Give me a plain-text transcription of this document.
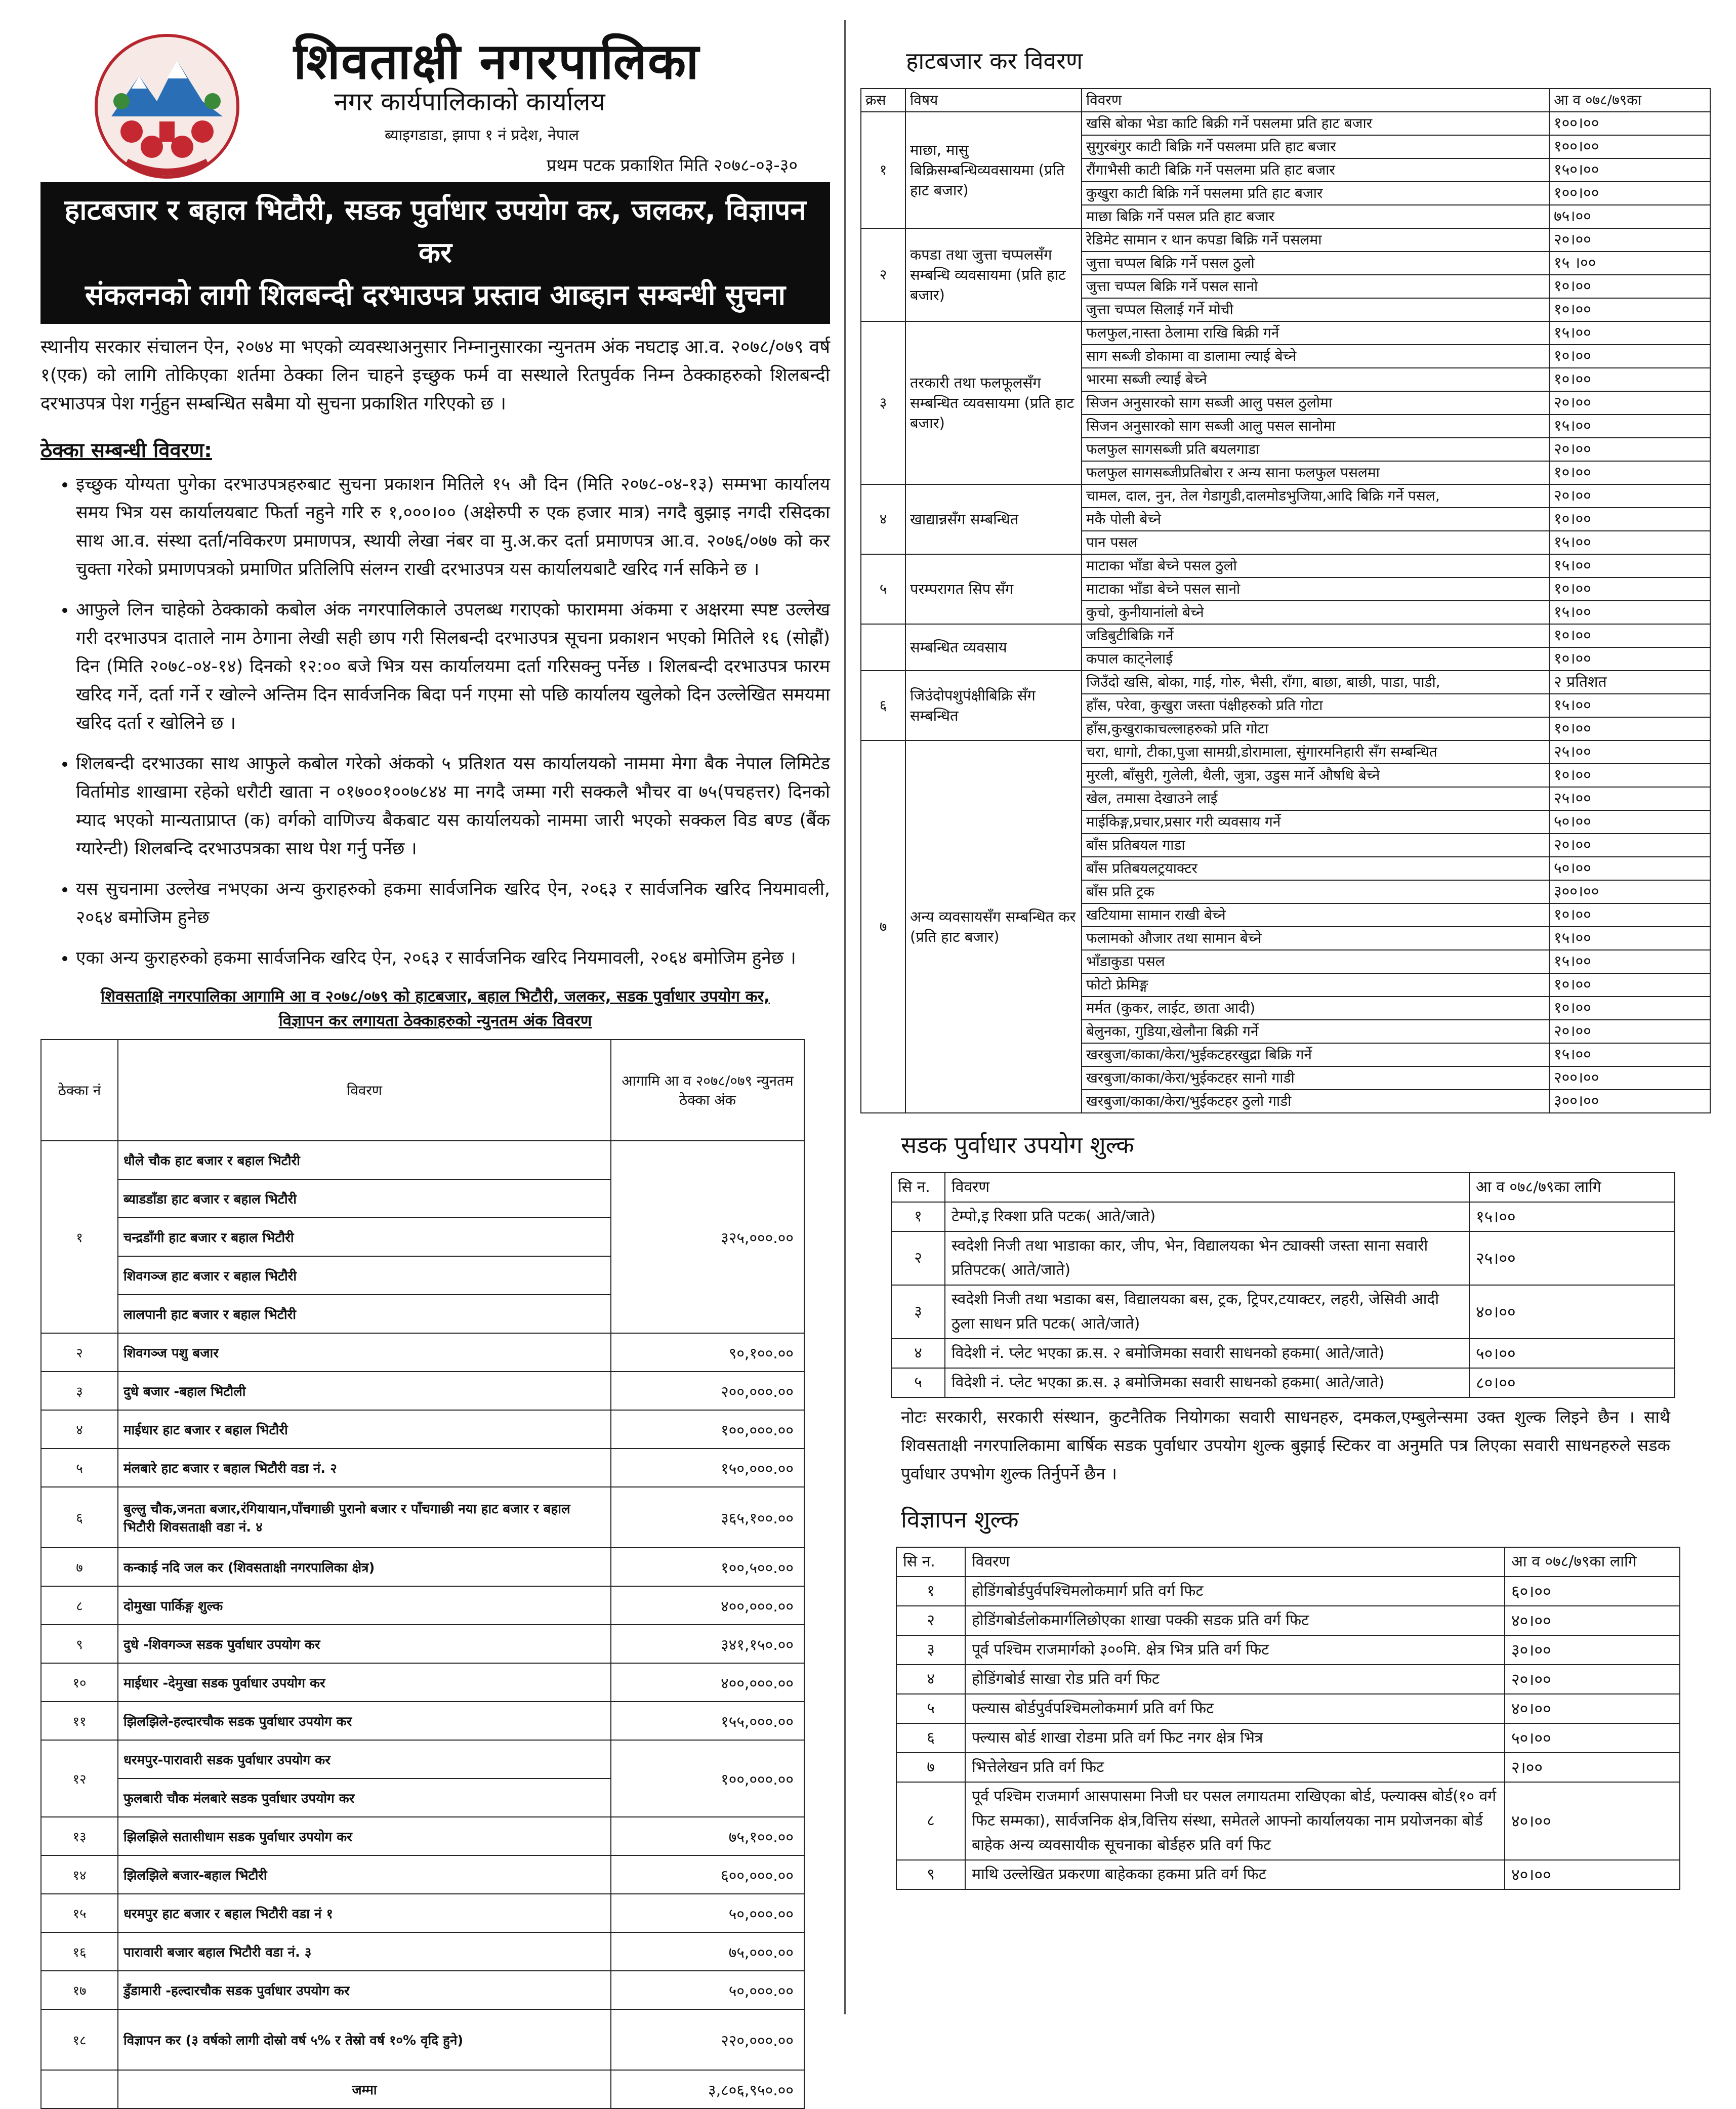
शिवताक्षी नगरपालिका
नगर कार्यपालिकाको कार्यालय
ब्याइगडाडा, झापा १ नं प्रदेश, नेपाल
प्रथम पटक प्रकाशित मिति २०७८-०३-३०
हाटबजार र बहाल भिटौरी, सडक पुर्वाधार उपयोग कर, जलकर, विज्ञापन कर
संकलनको लागी शिलबन्दी दरभाउपत्र प्रस्ताव आब्हान सम्बन्धी सुचना
स्थानीय सरकार संचालन ऐन, २०७४ मा भएको व्यवस्थाअनुसार निम्नानुसारका न्युनतम अंक नघटाइ आ.व. २०७८/०७९ वर्ष १(एक) को लागि तोकिएका शर्तमा ठेक्का लिन चाहने इच्छुक फर्म वा सस्थाले रितपुर्वक निम्न ठेक्काहरुको शिलबन्दी दरभाउपत्र पेश गर्नुहुन सम्बन्धित सबैमा यो सुचना प्रकाशित गरिएको छ ।
ठेक्का सम्बन्धी विवरण:
• इच्छुक योग्यता पुगेका दरभाउपत्रहरुबाट सुचना प्रकाशन मितिले १५ औ दिन (मिति २०७८-०४-१३) सम्मभा कार्यालय समय भित्र यस कार्यालयबाट फिर्ता नहुने गरि रु १,०००।०० (अक्षेरुपी रु एक हजार मात्र) नगदै बुझाइ नगदी रसिदका साथ आ.व. संस्था दर्ता/नविकरण प्रमाणपत्र, स्थायी लेखा नंबर वा मु.अ.कर दर्ता प्रमाणपत्र आ.व. २०७६/०७७ को कर चुक्ता गरेको प्रमाणपत्रको प्रमाणित प्रतिलिपि संलग्न राखी दरभाउपत्र यस कार्यालयबाटै खरिद गर्न सकिने छ ।
• आफुले लिन चाहेको ठेक्काको कबोल अंक नगरपालिकाले उपलब्ध गराएको फाराममा अंकमा र अक्षरमा स्पष्ट उल्लेख गरी दरभाउपत्र दाताले नाम ठेगाना लेखी सही छाप गरी सिलबन्दी दरभाउपत्र सूचना प्रकाशन भएको मितिले १६ (सोह्रौं) दिन (मिति २०७८-०४-१४) दिनको १२:०० बजे भित्र यस कार्यालयमा दर्ता गरिसक्नु पर्नेछ । शिलबन्दी दरभाउपत्र फारम खरिद गर्ने, दर्ता गर्ने र खोल्ने अन्तिम दिन सार्वजनिक बिदा पर्न गएमा सो पछि कार्यालय खुलेको दिन उल्लेखित समयमा खरिद दर्ता र खोलिने छ ।
• शिलबन्दी दरभाउका साथ आफुले कबोल गरेको अंकको ५ प्रतिशत यस कार्यालयको नाममा मेगा बैक नेपाल लिमिटेड विर्तामोड शाखामा रहेको धरौटी खाता न ०१७००१००७८४४ मा नगदै जम्मा गरी सक्कलै भौचर वा ७५(पचहत्तर) दिनको म्याद भएको मान्यताप्राप्त (क) वर्गको वाणिज्य बैकबाट यस कार्यालयको नाममा जारी भएको सक्कल विड बण्ड (बैंक ग्यारेन्टी) शिलबन्दि दरभाउपत्रका साथ पेश गर्नु पर्नेछ ।
• यस सुचनामा उल्लेख नभएका अन्य कुराहरुको हकमा सार्वजनिक खरिद ऐन, २०६३ र सार्वजनिक खरिद नियमावली, २०६४ बमोजिम हुनेछ
• एका अन्य कुराहरुको हकमा सार्वजनिक खरिद ऐन, २०६३ र सार्वजनिक खरिद नियमावली, २०६४ बमोजिम हुनेछ ।
शिवसताक्षि नगरपालिका आगामि आ व २०७८/०७९ को हाटबजार, बहाल भिटौरी, जलकर, सडक पुर्वाधार उपयोग कर,
विज्ञापन कर लगायता ठेक्काहरुको न्युनतम अंक विवरण
ठेक्का नं	विवरण	आगामि आ व २०७८/०७९ न्युनतम ठेक्का अंक
१	धौले चौक हाट बजार र बहाल भिटौरी	३२५,०००.००
	ब्याडडाँडा हाट बजार र बहाल भिटौरी	
	चन्द्रडाँगी हाट बजार र बहाल भिटौरी	
	शिवगञ्ज हाट बजार र बहाल भिटौरी	
	लालपानी हाट बजार र बहाल भिटौरी	
२	शिवगञ्ज पशु बजार	९०,१००.००
३	दुधे बजार -बहाल भिटौली	२००,०००.००
४	माईधार हाट बजार र बहाल भिटौरी	१००,०००.००
५	मंलबारे हाट बजार र बहाल भिटौरी वडा नं. २	१५०,०००.००
६	बुल्लु चौक,जनता बजार,रंगियायान,पाँचगाछी पुरानो बजार र पाँचगाछी नया हाट बजार र बहाल भिटौरी शिवसताक्षी वडा नं. ४	३६५,१००.००
७	कन्काई नदि जल कर (शिवसताक्षी नगरपालिका क्षेत्र)	१००,५००.००
८	दोमुखा पार्किङ्ग शुल्क	४००,०००.००
९	दुधे -शिवगञ्ज सडक पुर्वाधार उपयोग कर	३४१,१५०.००
१०	माईधार -देमुखा सडक पुर्वाधार उपयोग कर	४००,०००.००
११	झिलझिले-हल्दारचौक सडक पुर्वाधार उपयोग कर	१५५,०००.००
१२	धरमपुर-पारावारी सडक पुर्वाधार उपयोग कर	१००,०००.००
	फुलबारी चौक मंलबारे सडक पुर्वाधार उपयोग कर	
१३	झिलझिले सतासीधाम सडक पुर्वाधार उपयोग कर	७५,१००.००
१४	झिलझिले बजार-बहाल भिटौरी	६००,०००.००
१५	धरमपुर हाट बजार र बहाल भिटौरी वडा नं १	५०,०००.००
१६	पारावारी बजार बहाल भिटौरी वडा नं. ३	७५,०००.००
१७	डुँडामारी -हल्दारचौक सडक पुर्वाधार उपयोग कर	५०,०००.००
१८	विज्ञापन कर (३ वर्षको लागी दोस्रो वर्ष ५% र तेस्रो वर्ष १०% वृदि हुने)	२२०,०००.००
	जम्मा	३,८०६,९५०.००
हाटबजार कर विवरण
क्रस	विषय	विवरण	आ व ०७८/७९का
१	माछा, मासु बिक्रिसम्बन्धिव्यवसायमा (प्रति हाट बजार)	खसि बोका भेडा काटि बिक्री गर्ने पसलमा प्रति हाट बजार	१००।००
		सुगुरबंगुर काटी बिक्रि गर्ने पसलमा प्रति हाट बजार	१००।००
		रौंगाभैसी काटी बिक्रि गर्ने पसलमा प्रति हाट बजार	१५०।००
		कुखुरा काटी बिक्रि गर्ने पसलमा प्रति हाट बजार	१००।००
		माछा बिक्रि गर्ने पसल प्रति हाट बजार	७५।००
२	कपडा तथा जुत्ता चप्पलसँग सम्बन्धि व्यवसायमा (प्रति हाट बजार)	रेडिमेट सामान र थान कपडा बिक्रि गर्ने पसलमा	२०।००
		जुत्ता चप्पल बिक्रि गर्ने पसल ठुलो	१५ ।००
		जुत्ता चप्पल बिक्रि गर्ने पसल सानो	१०।००
		जुत्ता चप्पल सिलाई गर्ने मोची	१०।००
३	तरकारी तथा फलफूलसँग सम्बन्धित व्यवसायमा (प्रति हाट बजार)	फलफुल,नास्ता ठेलामा राखि बिक्री गर्ने	१५।००
		साग सब्जी डोकामा वा डालामा ल्याई बेच्ने	१०।००
		भारमा सब्जी ल्याई बेच्ने	१०।००
		सिजन अनुसारको साग सब्जी आलु पसल ठुलोमा	२०।००
		सिजन अनुसारको साग सब्जी आलु पसल सानोमा	१५।००
		फलफुल सागसब्जी प्रति बयलगाडा	२०।००
		फलफुल सागसब्जीप्रतिबोरा र अन्य साना फलफुल पसलमा	१०।००
४	खाद्यान्नसँग सम्बन्धित	चामल, दाल, नुन, तेल गेडागुडी,दालमोडभुजिया,आदि बिक्रि गर्ने पसल,	२०।००
		मकै पोली बेच्ने	१०।००
		पान पसल	१५।००
५	परम्परागत सिप सँग	माटाका भाँडा बेच्ने पसल ठुलो	१५।००
		माटाका भाँडा बेच्ने पसल सानो	१०।००
		कुचो, कुनीयानांलो बेच्ने	१५।००
	सम्बन्धित व्यवसाय	जडिबुटीबिक्रि गर्ने	१०।००
		कपाल काट्नेलाई	१०।००
६	जिउंदोपशुपंक्षीबिक्रि सँग सम्बन्धित	जिउँदो खसि, बोका, गाई, गोरु, भैसी, राँगा, बाछा, बाछी, पाडा, पाडी,	२ प्रतिशत
		हाँस, परेवा, कुखुरा जस्ता पंक्षीहरुको प्रति गोटा	१५।००
		हाँस,कुखुराकाचल्लाहरुको प्रति गोटा	१०।००
७	अन्य व्यवसायसँग सम्बन्धित कर (प्रति हाट बजार)	चरा, धागो, टीका,पुजा सामग्री,डोरामाला, सुंगारमनिहारी सँग सम्बन्धित	२५।००
		मुरली, बाँसुरी, गुलेली, थैली, जुत्रा, उडुस मार्ने औषधि बेच्ने	१०।००
		खेल, तमासा देखाउने लाई	२५।००
		माईकिङ्ग,प्रचार,प्रसार गरी व्यवसाय गर्ने	५०।००
		बाँस प्रतिबयल गाडा	२०।००
		बाँस प्रतिबयलट्रयाक्टर	५०।००
		बाँस प्रति ट्रक	३००।००
		खटियामा सामान राखी बेच्ने	१०।००
		फलामको औजार तथा सामान बेच्ने	१५।००
		भाँडाकुडा पसल	१५।००
		फोटो फ्रेमिङ्ग	१०।००
		मर्मत (कुकर, लाईट, छाता आदी)	१०।००
		बेलुनका, गुडिया,खेलौना बिक्री गर्ने	२०।००
		खरबुजा/काका/केरा/भुईकटहरखुद्रा बिक्रि गर्ने	१५।००
		खरबुजा/काका/केरा/भुईकटहर सानो गाडी	२००।००
		खरबुजा/काका/केरा/भुईकटहर ठुलो गाडी	३००।००
सडक पुर्वाधार उपयोग शुल्क
सि न.	विवरण	आ व ०७८/७९का लागि
१	टेम्पो,इ रिक्शा प्रति पटक( आते/जाते)	१५।००
२	स्वदेशी निजी तथा भाडाका कार, जीप, भेन, विद्यालयका भेन ट्याक्सी जस्ता साना सवारी प्रतिपटक( आते/जाते)	२५।००
३	स्वदेशी निजी तथा भडाका बस, विद्यालयका बस, ट्रक, ट्रिपर,टयाक्टर, लहरी, जेसिवी आदी ठुला साधन प्रति पटक( आते/जाते)	४०।००
४	विदेशी नं. प्लेट भएका क्र.स. २ बमोजिमका सवारी साधनको हकमा( आते/जाते)	५०।००
५	विदेशी नं. प्लेट भएका क्र.स. ३ बमोजिमका सवारी साधनको हकमा( आते/जाते)	८०।००
नोटः सरकारी, सरकारी संस्थान, कुटनैतिक नियोगका सवारी साधनहरु, दमकल,एम्बुलेन्समा उक्त शुल्क लिइने छैन । साथै शिवसताक्षी नगरपालिकामा बार्षिक सडक पुर्वाधार उपयोग शुल्क बुझाई स्टिकर वा अनुमति पत्र लिएका सवारी साधनहरुले सडक पुर्वाधार उपभोग शुल्क तिर्नुपर्ने छैन ।
विज्ञापन शुल्क
सि न.	विवरण	आ व ०७८/७९का लागि
१	होडिंगबोर्डपुर्वपश्चिमलोकमार्ग प्रति वर्ग फिट	६०।००
२	होडिंगबोर्डलोकमार्गलिछोएका शाखा पक्की सडक प्रति वर्ग फिट	४०।००
३	पूर्व पश्चिम राजमार्गको ३००मि. क्षेत्र भित्र प्रति वर्ग फिट	३०।००
४	होडिंगबोर्ड साखा रोड प्रति वर्ग फिट	२०।००
५	फ्ल्यास बोर्डपुर्वपश्चिमलोकमार्ग प्रति वर्ग फिट	४०।००
६	फ्ल्यास बोर्ड शाखा रोडमा प्रति वर्ग फिट नगर क्षेत्र भित्र	५०।००
७	भित्तेलेखन प्रति वर्ग फिट	२।००
८	पूर्व पश्चिम राजमार्ग आसपासमा निजी घर पसल लगायतमा राखिएका बोर्ड, फ्ल्याक्स बोर्ड(१० वर्ग फिट सम्मका), सार्वजनिक क्षेत्र,वित्तिय संस्था, समेतले आफ्नो कार्यालयका नाम प्रयोजनका बोर्ड बाहेक अन्य व्यवसायीक सूचनाका बोर्डहरु प्रति वर्ग फिट	४०।००
९	माथि उल्लेखित प्रकरणा बाहेकका हकमा प्रति वर्ग फिट	४०।००
